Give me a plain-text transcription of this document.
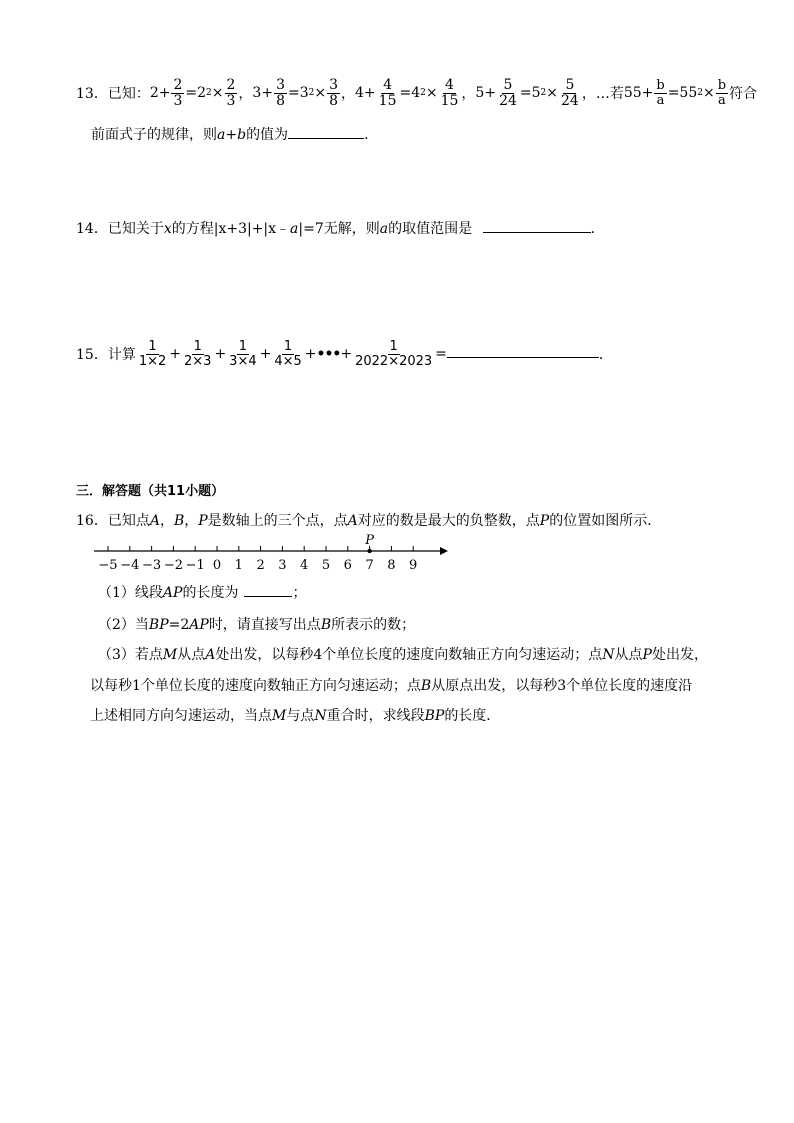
13． 已知： $2+ \frac{2}{3} =2$ $2 \times \frac{2}{3}$ ， $3+ \frac{3}{8} =3$ $2 \times \frac{3}{8}$ ， $4+ \frac{4}{15} =4$ $2 \times \frac{4}{15}$ ， $5+ \frac{5}{24} =5$ $2 \times \frac{5}{24}$ ， …若 $55+ \frac{b}{a} =55$ $2 \times \frac{b}{a}$ 符合
前面式子的规律，则a+b的值为	．
14．已知关于x的方程|x+3|+|x﹣a|=7无解，则a的取值范围是	．
15． 计算 $\frac{1}{1\times 2} + \frac{1}{2\times 3} + \frac{1}{3\times 4} + \frac{1}{4\times 5}$ + ••• + $\frac{1}{2022\times 2023}$ =	．
三．解答题（共11小题）
16．已知点A，B，P是数轴上的三个点，点A对应的数是最大的负整数，点P的位置如图所示．
−5 −4 −3 −2 −1 0 1 2 3 4 5 6 7 8 9
P
（1）线段AP的长度为	；
（2）当BP=2AP时，请直接写出点B所表示的数；
（3）若点M从点A处出发，以每秒4个单位长度的速度向数轴正方向匀速运动；点N从点P处出发，
以每秒1个单位长度的速度向数轴正方向匀速运动；点B从原点出发，以每秒3个单位长度的速度沿
上述相同方向匀速运动，当点M与点N重合时，求线段BP的长度．
